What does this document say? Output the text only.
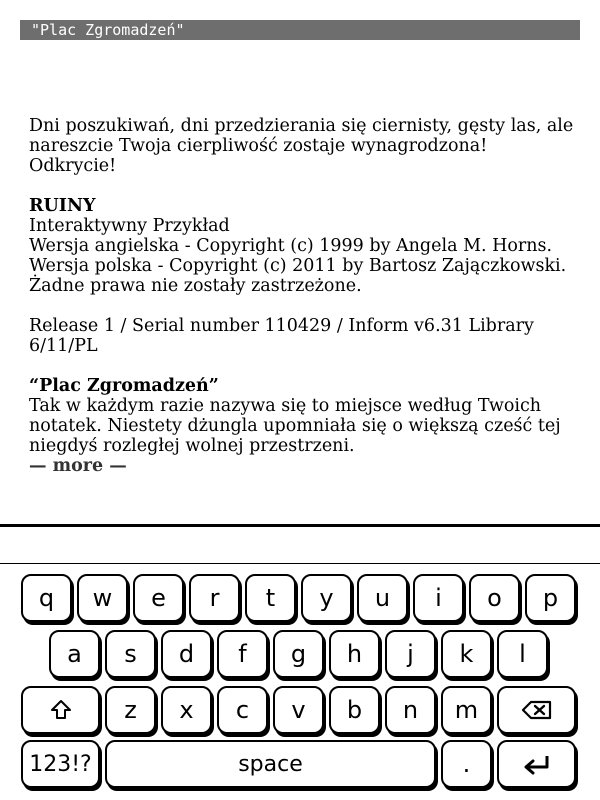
"Plac Zgromadzeń"

Dni poszukiwań, dni przedzierania się ciernisty, gęsty las, ale nareszcie Twoja cierpliwość zostaje wynagrodzona! Odkrycie!

RUINY

Interaktywny Przykład

Wersja angielska - Copyright (c) 1999 by Angela M. Horns.

Wersja polska - Copyright (c) 2011 by Bartosz Zajączkowski. Żadne prawa nie zostały zastrzeżone.

Release 1 / Serial number 110429 / Inform v6.31 Library 6/11/PL

“Plac Zgromadzeń”

Tak w każdym razie nazywa się to miejsce według Twoich notatek. Niestety dżungla upomniała się o większą cześć tej niegdyś rozległej wolnej przestrzeni.

— more —

q	w	e	r	t	y	u	i	o	p
a	s	d	f	g	h	j	k	l
z	x	c	v	b	n	m
123!?	space	.
